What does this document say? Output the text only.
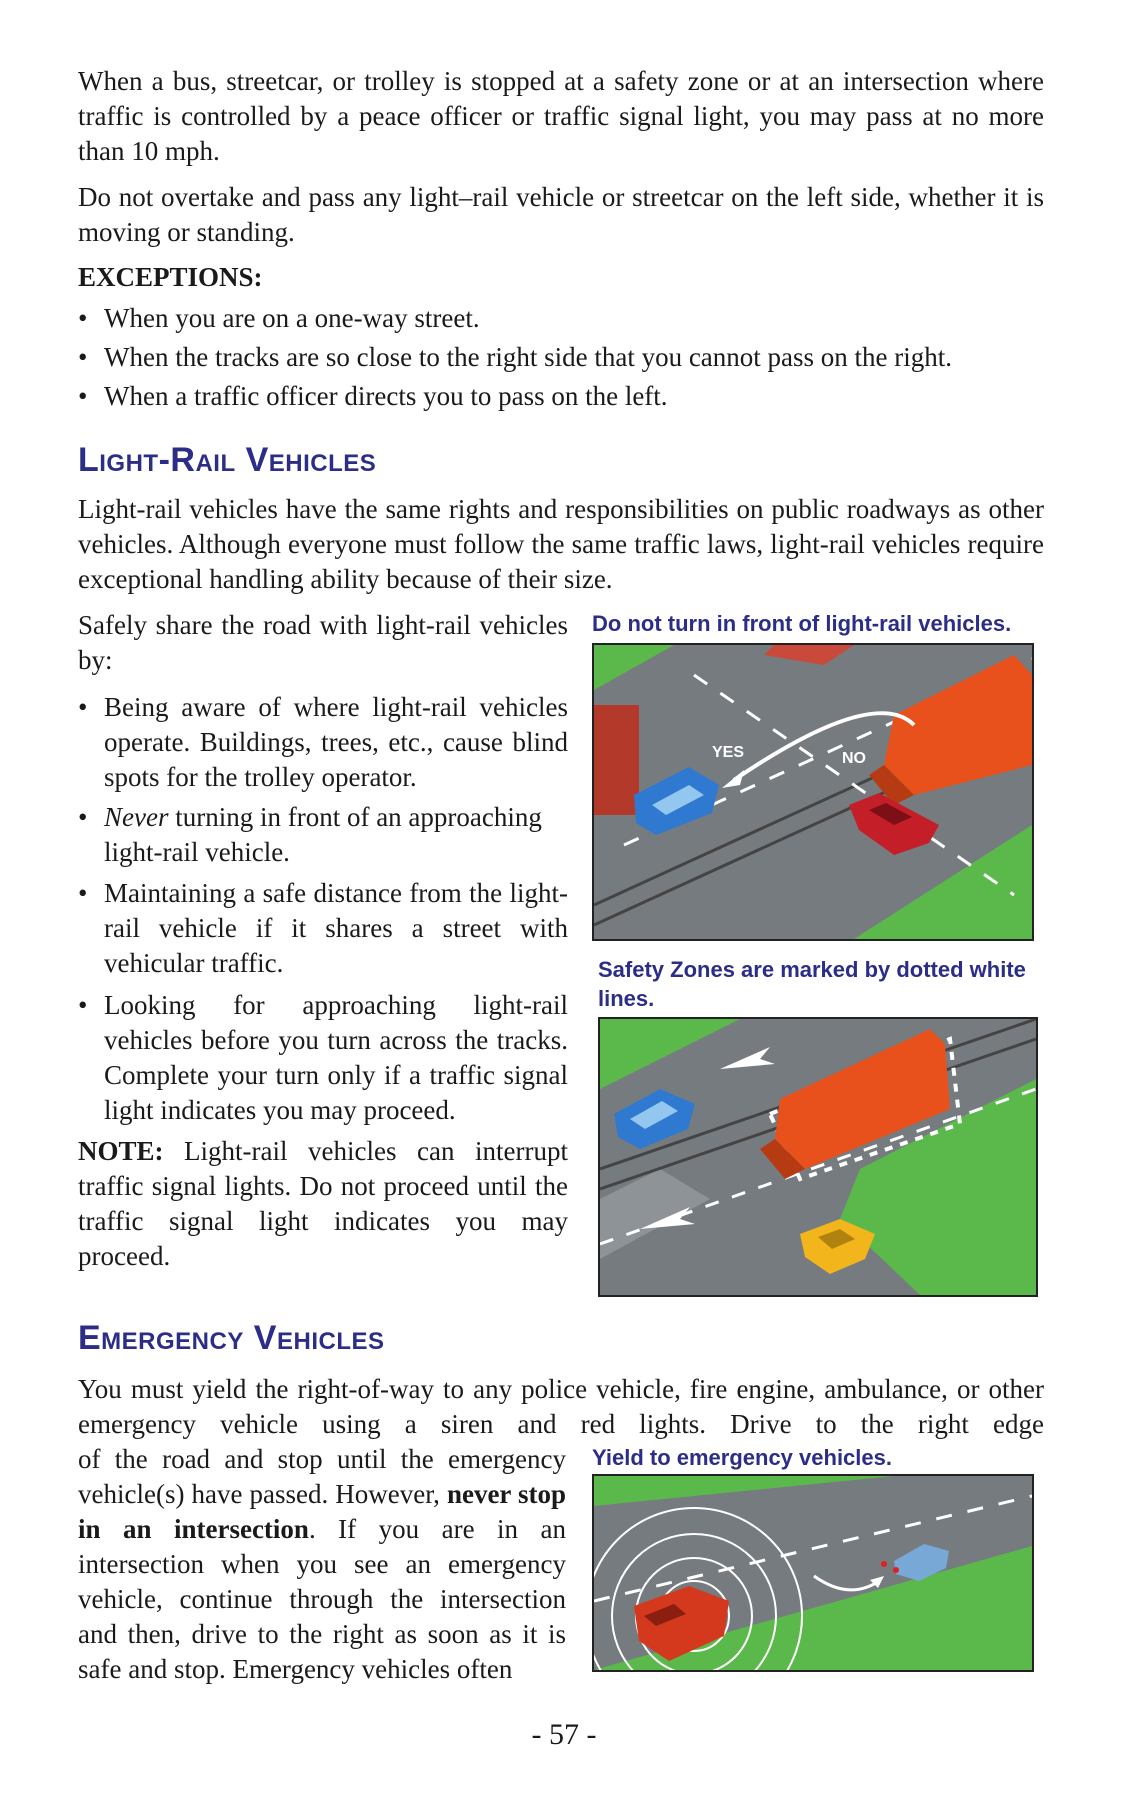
When a bus, streetcar, or trolley is stopped at a safety zone or at an intersection where traffic is controlled by a peace officer or traffic signal light, you may pass at no more than 10 mph.

Do not overtake and pass any light–rail vehicle or streetcar on the left side, whether it is moving or standing.

EXCEPTIONS:

• When you are on a one-way street.
• When the tracks are so close to the right side that you cannot pass on the right.
• When a traffic officer directs you to pass on the left.
Light-Rail Vehicles

Light-rail vehicles have the same rights and responsibilities on public roadways as other vehicles. Although everyone must follow the same traffic laws, light-rail vehicles require exceptional handling ability because of their size.

Safely share the road with light-rail vehicles by:

• Being aware of where light-rail vehicles operate. Buildings, trees, etc., cause blind spots for the trolley operator.
• Never turning in front of an approaching light-rail vehicle.
• Maintaining a safe distance from the light-rail vehicle if it shares a street with vehicular traffic.
• Looking for approaching light-rail vehicles before you turn across the tracks. Complete your turn only if a traffic signal light indicates you may proceed.

NOTE: Light-rail vehicles can interrupt traffic signal lights. Do not proceed until the traffic signal light indicates you may proceed.

Do not turn in front of light-rail vehicles.

YES	NO

Safety Zones are marked by dotted white lines.

Emergency Vehicles

You must yield the right-of-way to any police vehicle, fire engine, ambulance, or other emergency vehicle using a siren and red lights. Drive to the right edge

of the road and stop until the emergency vehicle(s) have passed. However, never stop in an intersection. If you are in an intersection when you see an emergency vehicle, continue through the intersection and then, drive to the right as soon as it is safe and stop. Emergency vehicles often

Yield to emergency vehicles.

- 57 -
